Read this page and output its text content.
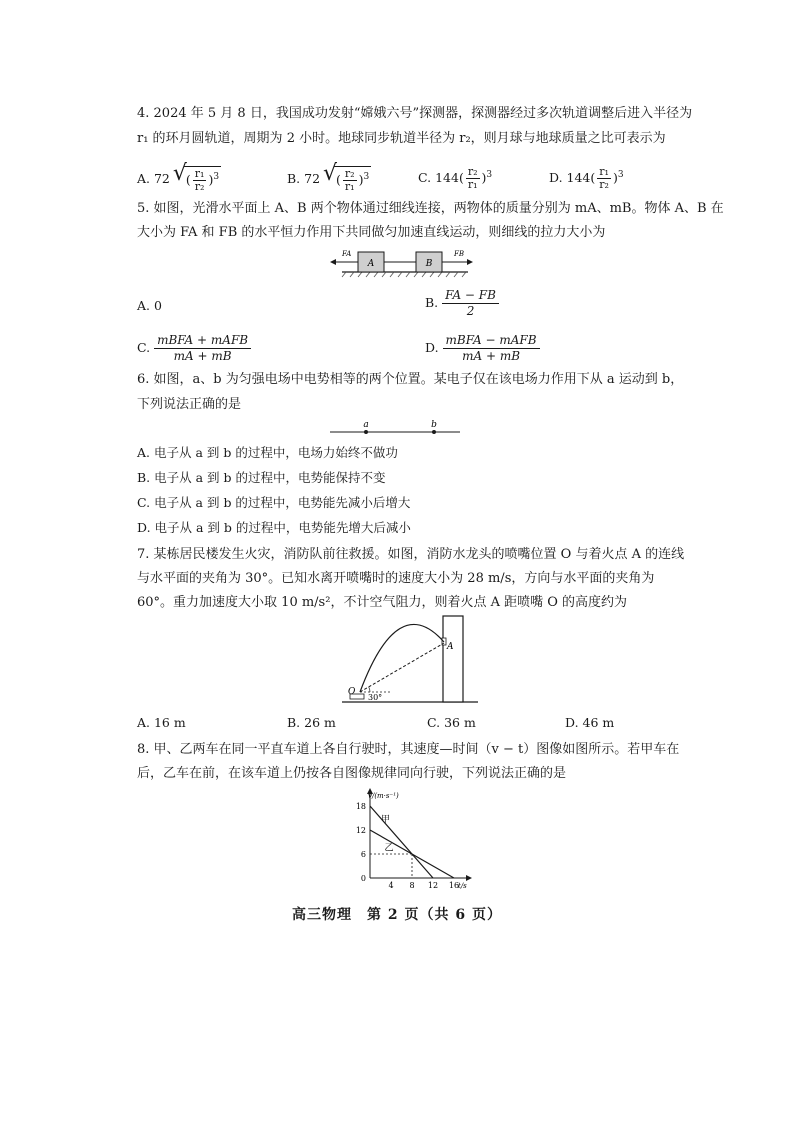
4. 2024 年 5 月 8 日，我国成功发射“嫦娥六号”探测器，探测器经过多次轨道调整后进入半径为
r₁ 的环月圆轨道，周期为 2 小时。地球同步轨道半径为 r₂，则月球与地球质量之比可表示为
A. 72 √ ( $\frac{\text{r₁}}{\text{r₂}} )^3$	B. 72 √ ( $\frac{\text{r₂}}{\text{r₁}} )^3$	C. $144( \frac{\text{r₂}}{\text{r₁}} )^3$	D. $144( \frac{\text{r₁}}{\text{r₂}} )^3$
5. 如图，光滑水平面上 A、B 两个物体通过细线连接，两物体的质量分别为 mA、mB。物体 A、B 在
大小为 FA 和 FB 的水平恒力作用下共同做匀加速直线运动，则细线的拉力大小为
A	B
FA	FB
A. 0	B. $\frac{FA - FB}{2}$
C. mBFA + mAFB
mA + mB
D. mBFA − mAFB
mA + mB
6. 如图，a、b 为匀强电场中电势相等的两个位置。某电子仅在该电场力作用下从 a 运动到 b，
下列说法正确的是
a	b
A. 电子从 a 到 b 的过程中，电场力始终不做功
B. 电子从 a 到 b 的过程中，电势能保持不变
C. 电子从 a 到 b 的过程中，电势能先减小后增大
D. 电子从 a 到 b 的过程中，电势能先增大后减小
7. 某栋居民楼发生火灾，消防队前往救援。如图，消防水龙头的喷嘴位置 O 与着火点 A 的连线
与水平面的夹角为 30°。已知水离开喷嘴时的速度大小为 28 m/s，方向与水平面的夹角为
60°。重力加速度大小取 10 m/s²，不计空气阻力，则着火点 A 距喷嘴 O 的高度约为
O
A
30°
A. 16 m	B. 26 m	C. 36 m	D. 46 m
8. 甲、乙两车在同一平直车道上各自行驶时，其速度—时间（v − t）图像如图所示。若甲车在
后，乙车在前，在该车道上仍按各自图像规律同向行驶，下列说法正确的是
v/(m·s⁻¹)
t/s
0
6
12
18
4 8 12 16
甲
乙
高三物理　第 2 页（共 6 页）
